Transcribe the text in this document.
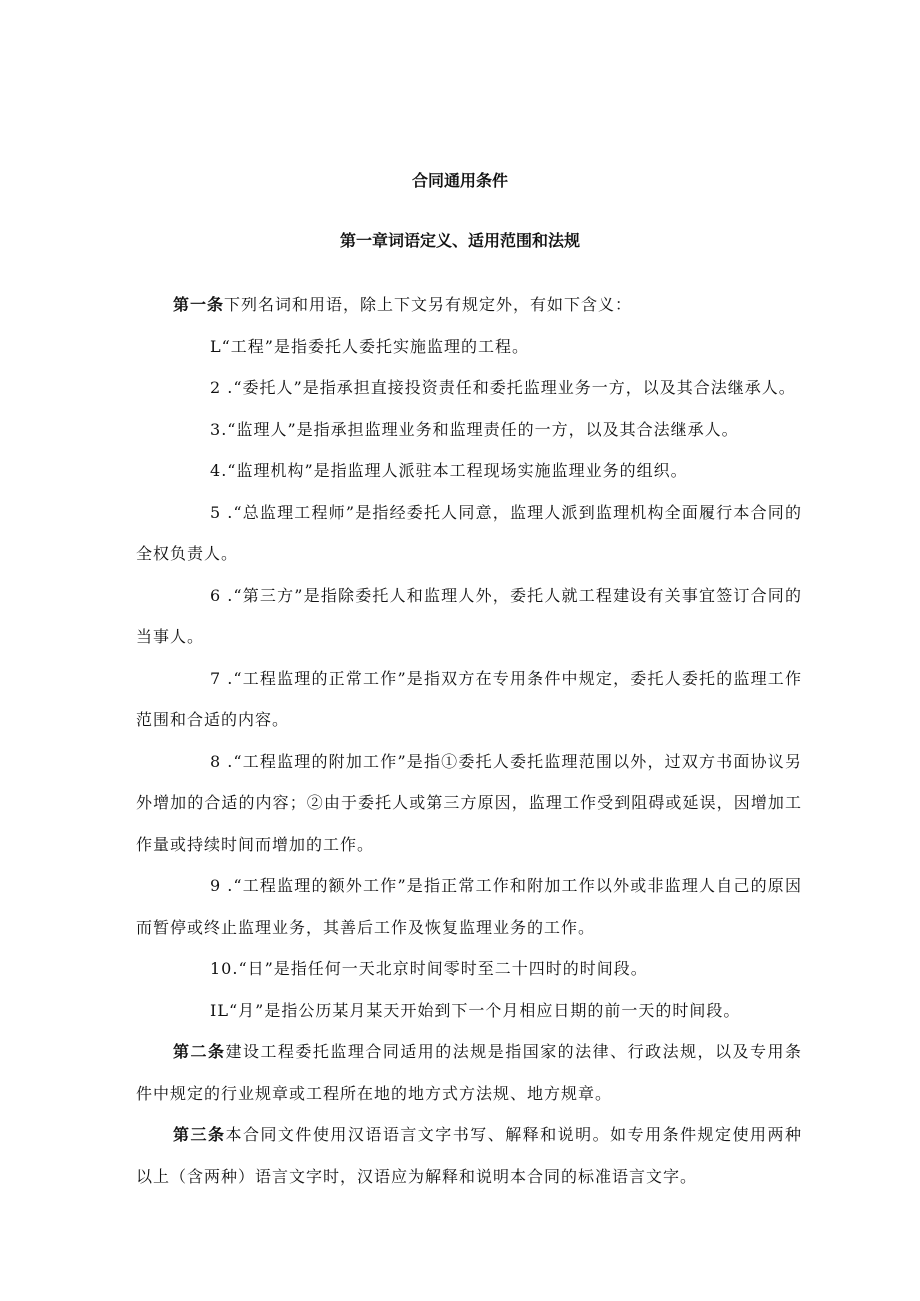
合同通用条件
第一章词语定义、适用范围和法规

第一条下列名词和用语，除上下文另有规定外，有如下含义：

L“工程”是指委托人委托实施监理的工程。

2 .“委托人”是指承担直接投资责任和委托监理业务一方，以及其合法继承人。

3.“监理人”是指承担监理业务和监理责任的一方，以及其合法继承人。

4.“监理机构”是指监理人派驻本工程现场实施监理业务的组织。

5 .“总监理工程师”是指经委托人同意，监理人派到监理机构全面履行本合同的全权负责人。

6 .“第三方”是指除委托人和监理人外，委托人就工程建设有关事宜签订合同的当事人。

7 .“工程监理的正常工作”是指双方在专用条件中规定，委托人委托的监理工作范围和合适的内容。

8 .“工程监理的附加工作”是指①委托人委托监理范围以外，过双方书面协议另外增加的合适的内容；②由于委托人或第三方原因，监理工作受到阻碍或延误，因增加工作量或持续时间而增加的工作。

9 .“工程监理的额外工作”是指正常工作和附加工作以外或非监理人自己的原因而暂停或终止监理业务，其善后工作及恢复监理业务的工作。

10.“日”是指任何一天北京时间零时至二十四时的时间段。

IL“月”是指公历某月某天开始到下一个月相应日期的前一天的时间段。

第二条建设工程委托监理合同适用的法规是指国家的法律、行政法规，以及专用条件中规定的行业规章或工程所在地的地方式方法规、地方规章。

第三条本合同文件使用汉语语言文字书写、解释和说明。如专用条件规定使用两种以上（含两种）语言文字时，汉语应为解释和说明本合同的标准语言文字。
